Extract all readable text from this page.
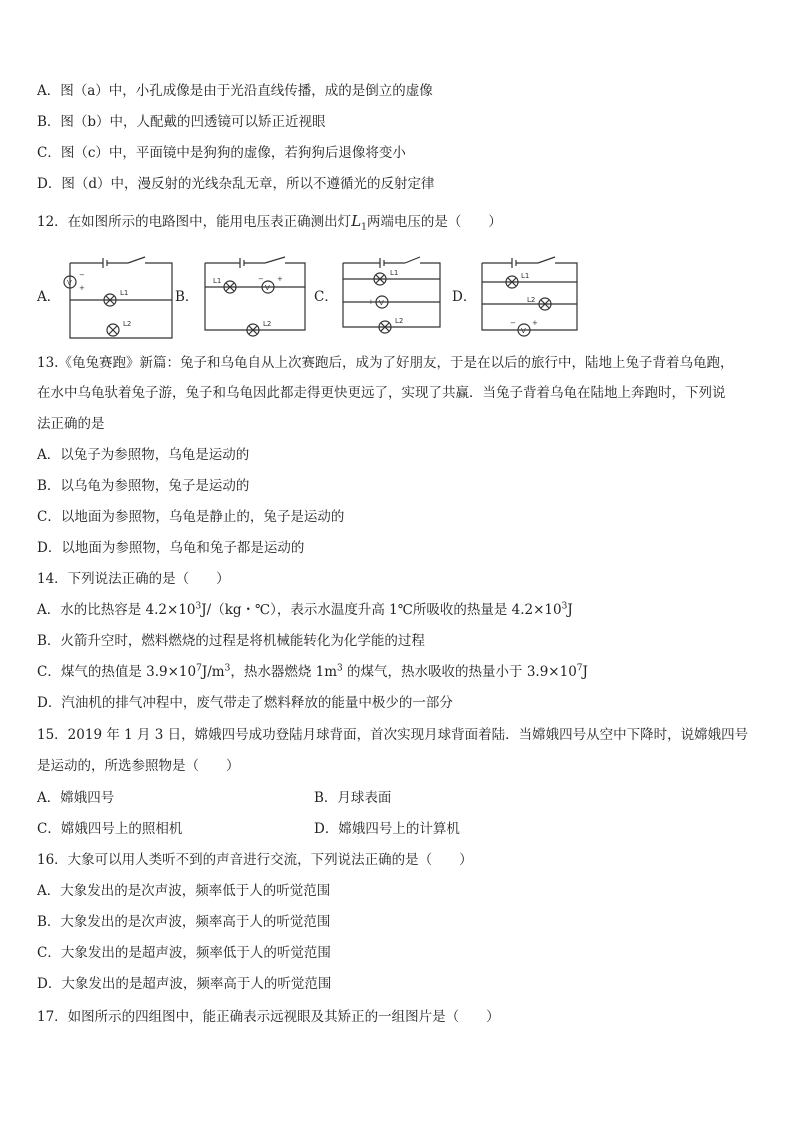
A．图（a）中，小孔成像是由于光沿直线传播，成的是倒立的虚像
B．图（b）中，人配戴的凹透镜可以矫正近视眼
C．图（c）中，平面镜中是狗狗的虚像，若狗狗后退像将变小
D．图（d）中，漫反射的光线杂乱无章，所以不遵循光的反射定律
12．在如图所示的电路图中，能用电压表正确测出灯$L_1$两端电压的是（　　）
A．	B．	C．	D．
V
−
+
L1
L2
L1
V
− +
L2
L1
V
+	−
L2
L1
L2
V
− +
13.《龟兔赛跑》新篇：兔子和乌龟自从上次赛跑后，成为了好朋友，于是在以后的旅行中，陆地上兔子背着乌龟跑，
在水中乌龟驮着兔子游，兔子和乌龟因此都走得更快更远了，实现了共赢．当兔子背着乌龟在陆地上奔跑时，下列说
法正确的是
A．以兔子为参照物，乌龟是运动的
B．以乌龟为参照物，兔子是运动的
C．以地面为参照物，乌龟是静止的，兔子是运动的
D．以地面为参照物，乌龟和兔子都是运动的
14．下列说法正确的是（　　）
A．水的比热容是 $4.2\times 10^3J/(kg$・℃），表示水温度升高 1℃所吸收的热量是 $4.2\times 10^3J$
B．火箭升空时，燃料燃烧的过程是将机械能转化为化学能的过程
C．煤气的热值是 $3.9\times 10^7J/m^3$，热水器燃烧 $1m^3$ 的煤气，热水吸收的热量小于 $3.9\times 10^7J$
D．汽油机的排气冲程中，废气带走了燃料释放的能量中极少的一部分
15．2019 年 1 月 3 日，嫦娥四号成功登陆月球背面，首次实现月球背面着陆．当嫦娥四号从空中下降时，说嫦娥四号
是运动的，所选参照物是（　　）
A．嫦娥四号	B．月球表面
C．嫦娥四号上的照相机	D．嫦娥四号上的计算机
16．大象可以用人类听不到的声音进行交流，下列说法正确的是（　　）
A．大象发出的是次声波，频率低于人的听觉范围
B．大象发出的是次声波，频率高于人的听觉范围
C．大象发出的是超声波，频率低于人的听觉范围
D．大象发出的是超声波，频率高于人的听觉范围
17．如图所示的四组图中，能正确表示远视眼及其矫正的一组图片是（　　）
